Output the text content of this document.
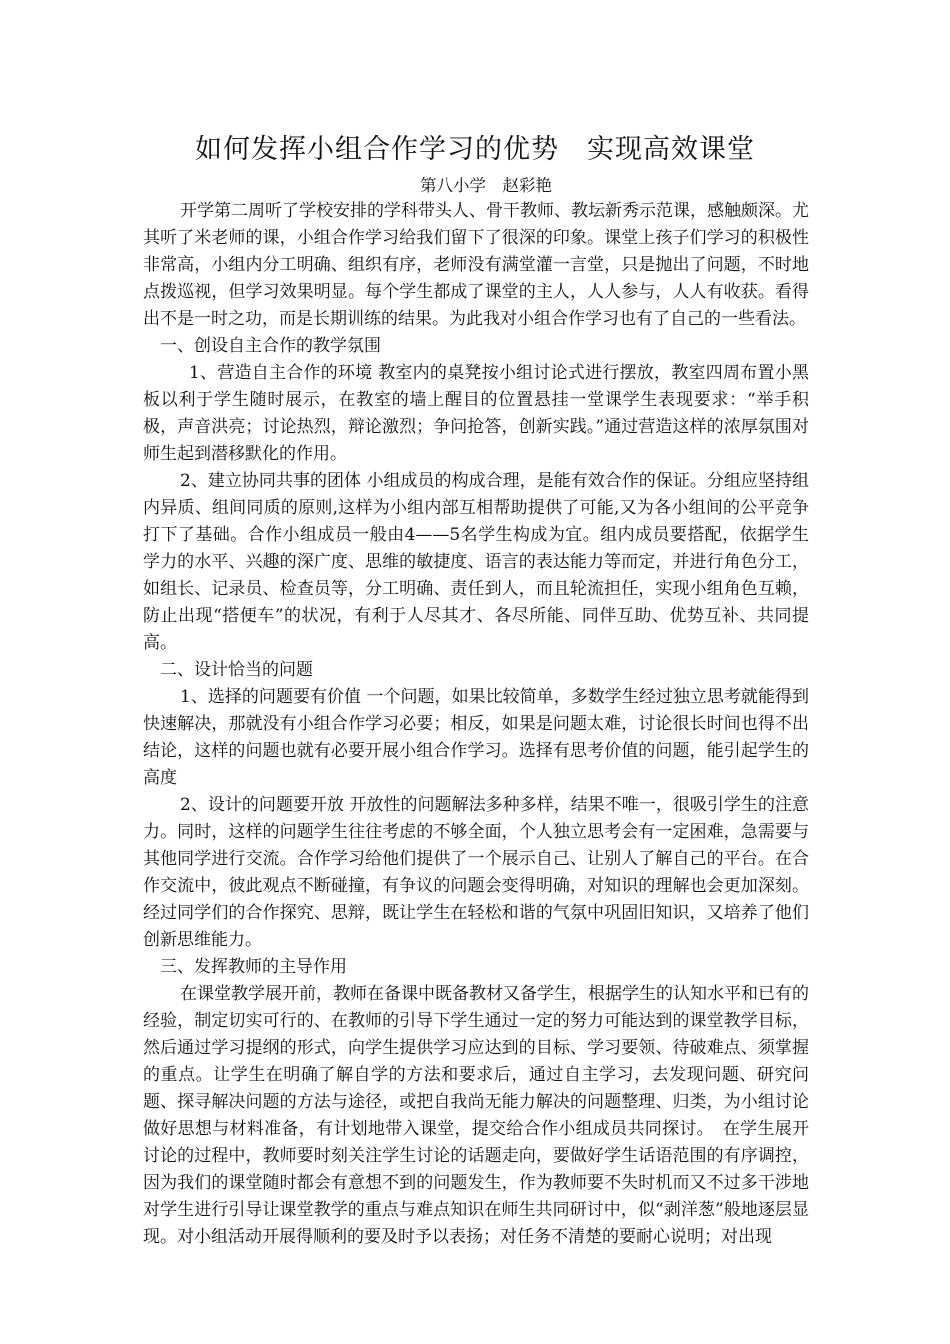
如何发挥小组合作学习的优势　实现高效课堂
第八小学　赵彩艳

开学第二周听了学校安排的学科带头人、骨干教师、教坛新秀示范课，感触颇深。尤其听了米老师的课，小组合作学习给我们留下了很深的印象。课堂上孩子们学习的积极性非常高，小组内分工明确、组织有序，老师没有满堂灌一言堂，只是抛出了问题，不时地点拨巡视，但学习效果明显。每个学生都成了课堂的主人，人人参与，人人有收获。看得出不是一时之功，而是长期训练的结果。为此我对小组合作学习也有了自己的一些看法。

一、创设自主合作的教学氛围

1、营造自主合作的环境 教室内的桌凳按小组讨论式进行摆放，教室四周布置小黑板以利于学生随时展示，在教室的墙上醒目的位置悬挂一堂课学生表现要求：“举手积极，声音洪亮；讨论热烈，辩论激烈；争问抢答，创新实践。”通过营造这样的浓厚氛围对师生起到潜移默化的作用。

2、建立协同共事的团体 小组成员的构成合理，是能有效合作的保证。分组应坚持组内异质、组间同质的原则,这样为小组内部互相帮助提供了可能,又为各小组间的公平竞争打下了基础。合作小组成员一般由4——5名学生构成为宜。组内成员要搭配，依据学生学力的水平、兴趣的深广度、思维的敏捷度、语言的表达能力等而定，并进行角色分工，如组长、记录员、检查员等，分工明确、责任到人，而且轮流担任，实现小组角色互赖，防止出现“搭便车”的状况，有利于人尽其才、各尽所能、同伴互助、优势互补、共同提高。

二、设计恰当的问题

1、选择的问题要有价值 一个问题，如果比较简单，多数学生经过独立思考就能得到快速解决，那就没有小组合作学习必要；相反，如果是问题太难，讨论很长时间也得不出结论，这样的问题也就有必要开展小组合作学习。选择有思考价值的问题，能引起学生的高度

2、设计的问题要开放 开放性的问题解法多种多样，结果不唯一，很吸引学生的注意力。同时，这样的问题学生往往考虑的不够全面，个人独立思考会有一定困难，急需要与其他同学进行交流。合作学习给他们提供了一个展示自己、让别人了解自己的平台。在合作交流中，彼此观点不断碰撞，有争议的问题会变得明确，对知识的理解也会更加深刻。经过同学们的合作探究、思辩，既让学生在轻松和谐的气氛中巩固旧知识，又培养了他们创新思维能力。

三、发挥教师的主导作用

在课堂教学展开前，教师在备课中既备教材又备学生，根据学生的认知水平和已有的经验，制定切实可行的、在教师的引导下学生通过一定的努力可能达到的课堂教学目标，然后通过学习提纲的形式，向学生提供学习应达到的目标、学习要领、待破难点、须掌握的重点。让学生在明确了解自学的方法和要求后，通过自主学习，去发现问题、研究问题、探寻解决问题的方法与途径，或把自我尚无能力解决的问题整理、归类，为小组讨论做好思想与材料准备，有计划地带入课堂，提交给合作小组成员共同探讨。　在学生展开讨论的过程中，教师要时刻关注学生讨论的话题走向，要做好学生话语范围的有序调控，因为我们的课堂随时都会有意想不到的问题发生，作为教师要不失时机而又不过多干涉地对学生进行引导让课堂教学的重点与难点知识在师生共同研讨中，似“剥洋葱”般地逐层显现。对小组活动开展得顺利的要及时予以表扬；对任务不清楚的要耐心说明；对出现
